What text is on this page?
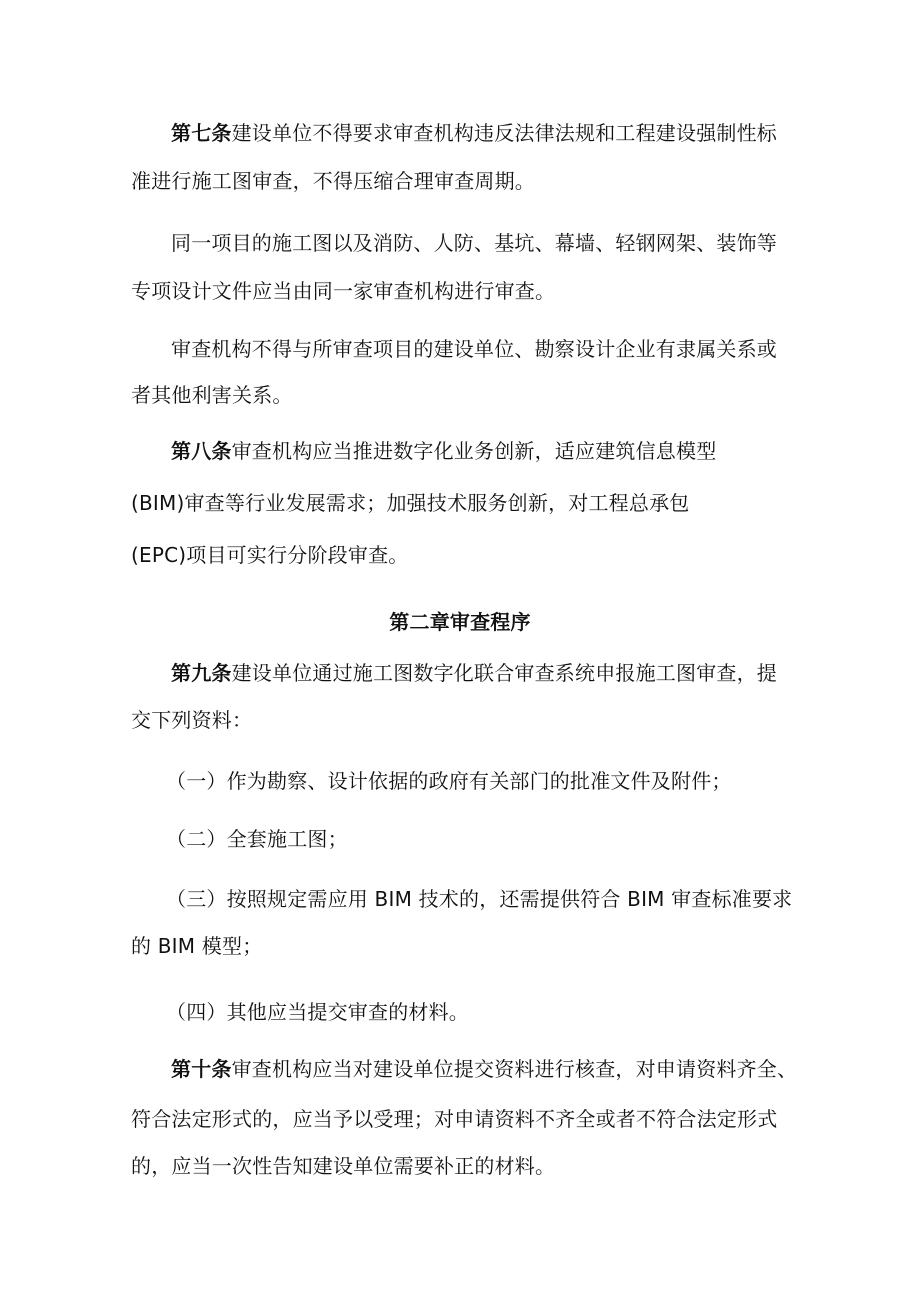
第七条建设单位不得要求审查机构违反法律法规和工程建设强制性标
准进行施工图审查，不得压缩合理审查周期。
同一项目的施工图以及消防、人防、基坑、幕墙、轻钢网架、装饰等
专项设计文件应当由同一家审查机构进行审查。
审查机构不得与所审查项目的建设单位、勘察设计企业有隶属关系或
者其他利害关系。
第八条审查机构应当推进数字化业务创新，适应建筑信息模型
(BIM)审查等行业发展需求；加强技术服务创新，对工程总承包
(EPC)项目可实行分阶段审查。
第二章审查程序
第九条建设单位通过施工图数字化联合审查系统申报施工图审查，提
交下列资料：
（一）作为勘察、设计依据的政府有关部门的批准文件及附件；
（二）全套施工图；
（三）按照规定需应用 BIM 技术的，还需提供符合 BIM 审查标准要求
的 BIM 模型；
（四）其他应当提交审查的材料。
第十条审查机构应当对建设单位提交资料进行核查，对申请资料齐全、
符合法定形式的，应当予以受理；对申请资料不齐全或者不符合法定形式
的，应当一次性告知建设单位需要补正的材料。
